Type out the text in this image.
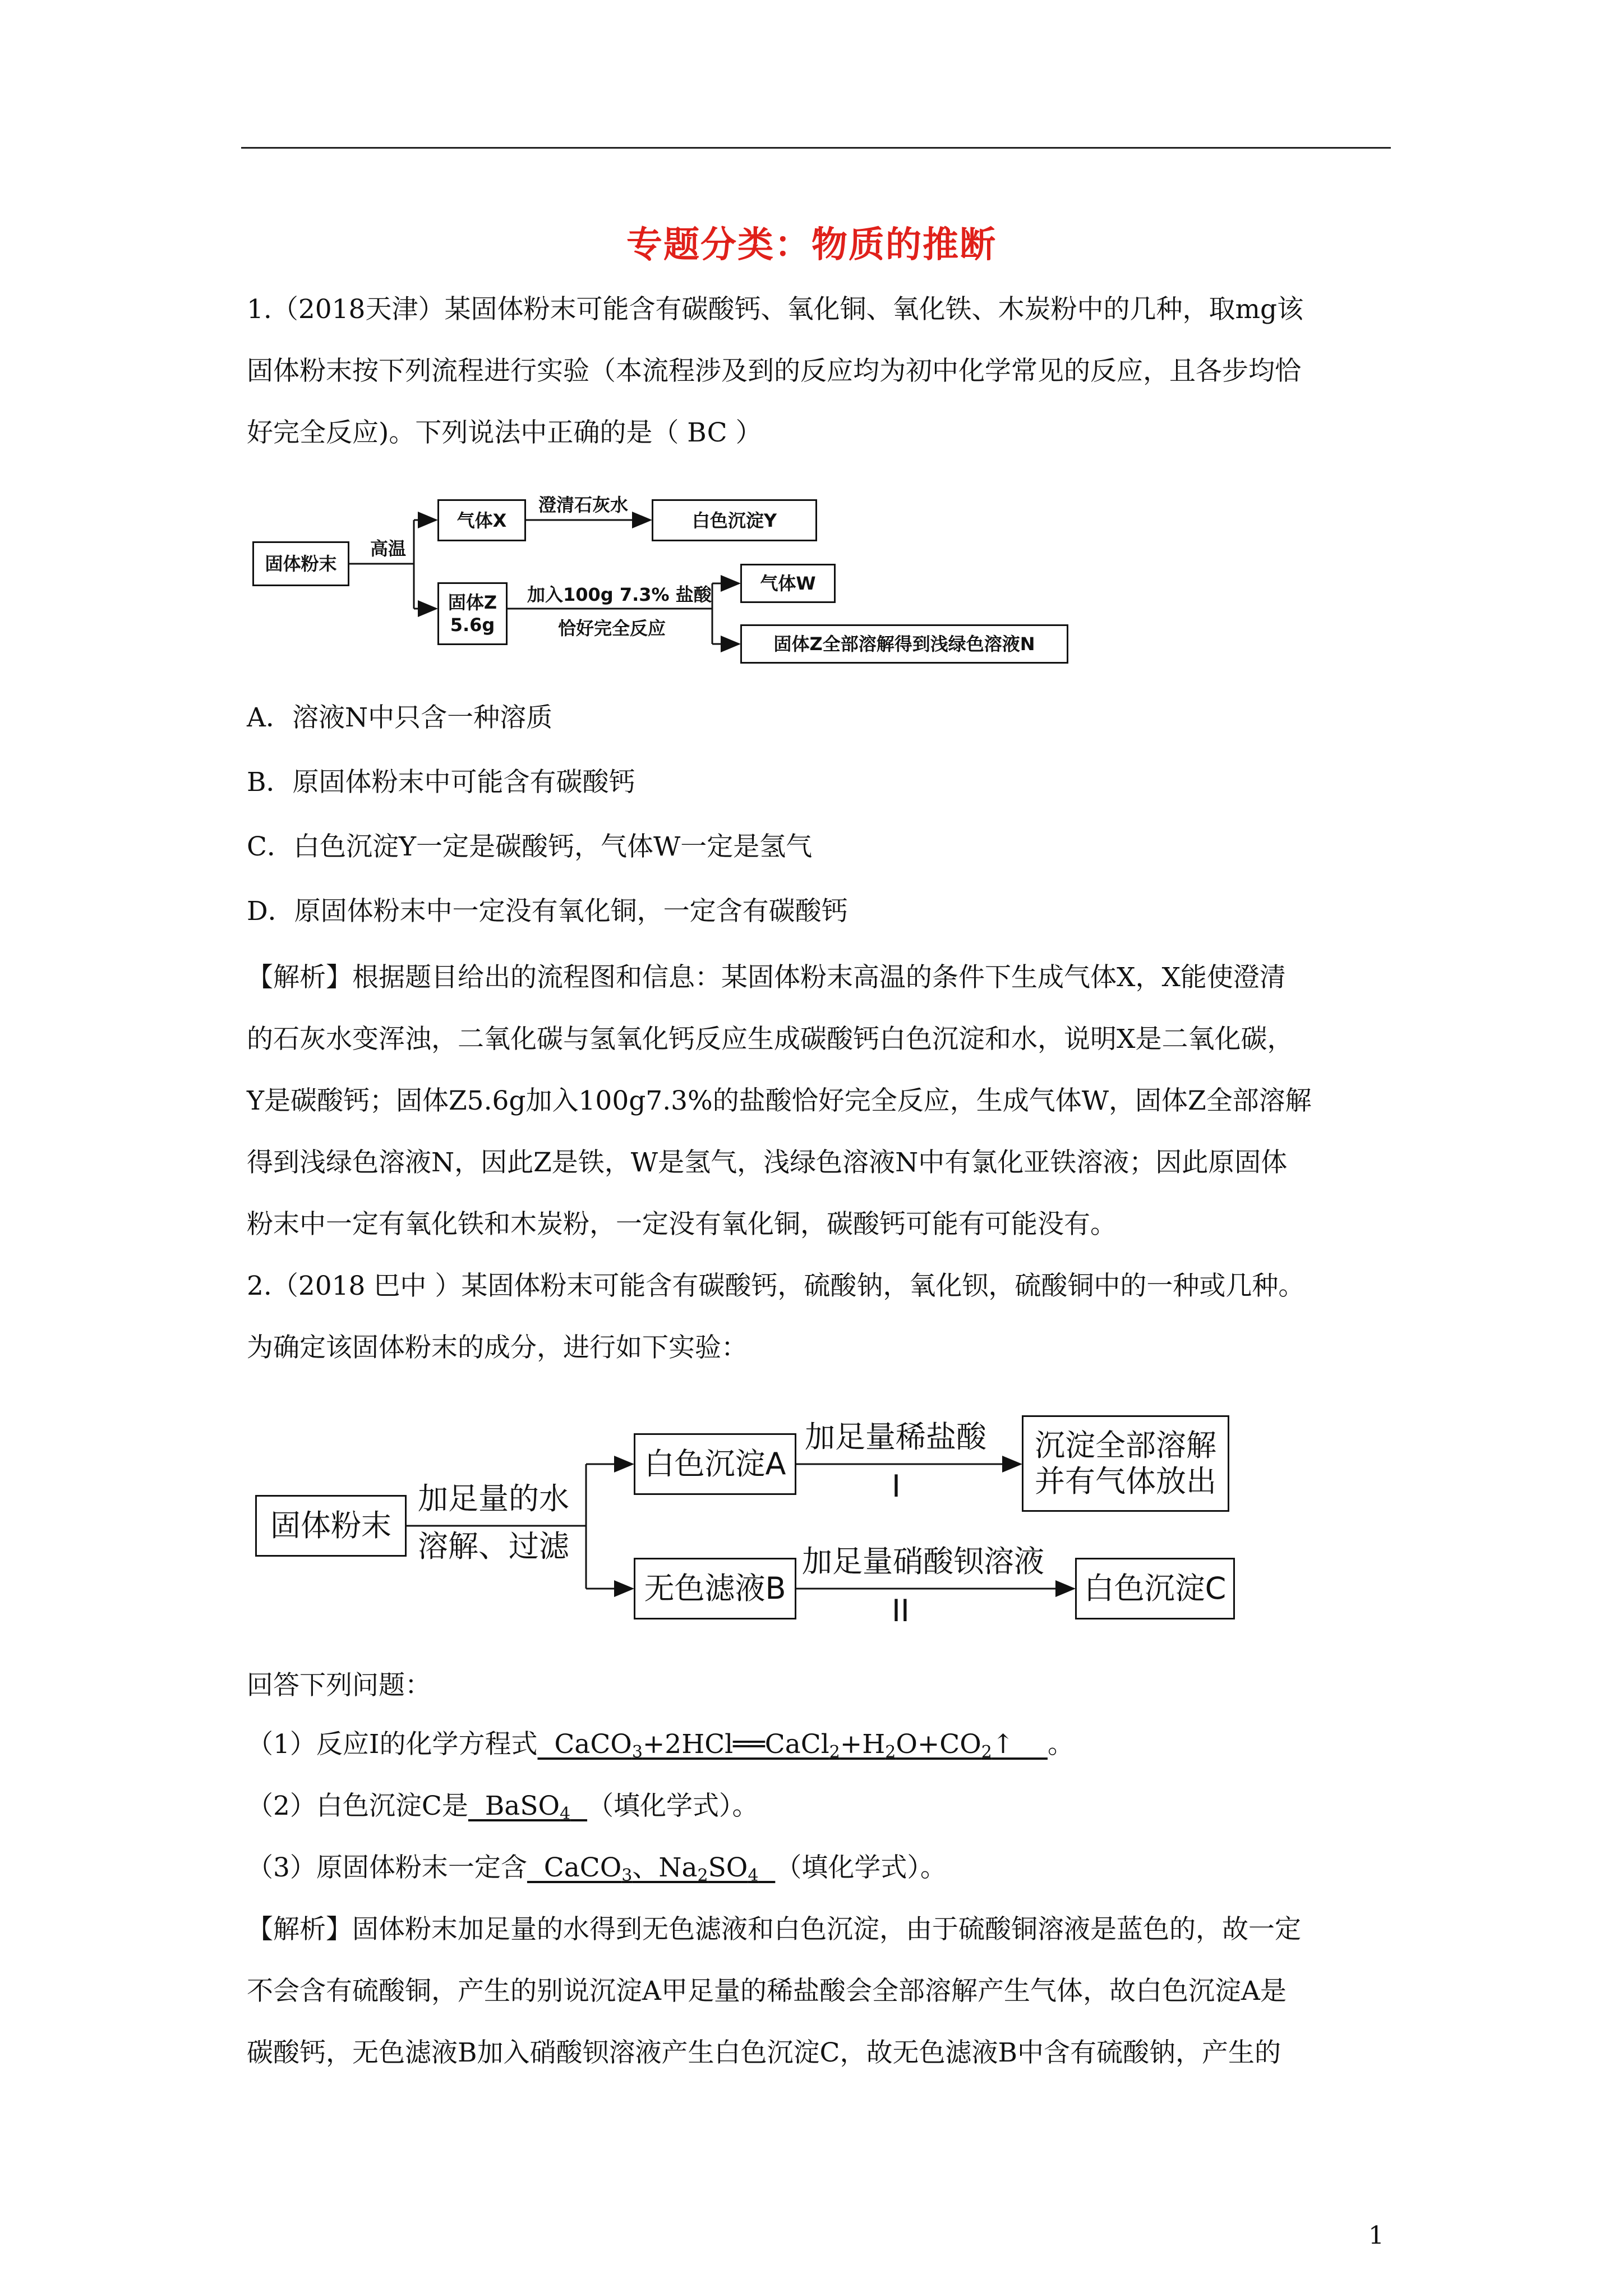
专题分类：物质的推断
1.（2018天津）某固体粉末可能含有碳酸钙、氧化铜、氧化铁、木炭粉中的几种，取mg该
固体粉末按下列流程进行实验（本流程涉及到的反应均为初中化学常见的反应，且各步均恰
好完全反应)。下列说法中正确的是（ BC ）
固体粉末
高温
气体X
澄清石灰水
白色沉淀Y
固体Z
5.6g
加入100g 7.3% 盐酸
恰好完全反应
气体W
固体Z全部溶解得到浅绿色溶液N
A．溶液N中只含一种溶质
B．原固体粉末中可能含有碳酸钙
C．白色沉淀Y一定是碳酸钙，气体W一定是氢气
D．原固体粉末中一定没有氧化铜，一定含有碳酸钙
【解析】根据题目给出的流程图和信息：某固体粉末高温的条件下生成气体X，X能使澄清
的石灰水变浑浊，二氧化碳与氢氧化钙反应生成碳酸钙白色沉淀和水，说明X是二氧化碳，
Y是碳酸钙；固体Z5.6g加入100g7.3%的盐酸恰好完全反应，生成气体W，固体Z全部溶解
得到浅绿色溶液N，因此Z是铁，W是氢气，浅绿色溶液N中有氯化亚铁溶液；因此原固体
粉末中一定有氧化铁和木炭粉，一定没有氧化铜，碳酸钙可能有可能没有。
2.（2018 巴中 ）某固体粉末可能含有碳酸钙，硫酸钠，氧化钡，硫酸铜中的一种或几种。
为确定该固体粉末的成分，进行如下实验：
固体粉末
加足量的水
溶解、过滤
白色沉淀A
加足量稀盐酸
I
沉淀全部溶解
并有气体放出
无色滤液B
加足量硝酸钡溶液
II
白色沉淀C
回答下列问题：
（1）反应Ⅰ的化学方程式  $CaCO_3+2HCl══CaCl_2+H_2O+CO_2↑$    。
（2）白色沉淀C是  BaSO$_4$ （填化学式）。
（3）原固体粉末一定含  CaCO$_3$、$Na_2SO_4$ （填化学式）。
【解析】固体粉末加足量的水得到无色滤液和白色沉淀，由于硫酸铜溶液是蓝色的，故一定
不会含有硫酸铜，产生的别说沉淀A甲足量的稀盐酸会全部溶解产生气体，故白色沉淀A是
碳酸钙，无色滤液B加入硝酸钡溶液产生白色沉淀C，故无色滤液B中含有硫酸钠，产生的
1
